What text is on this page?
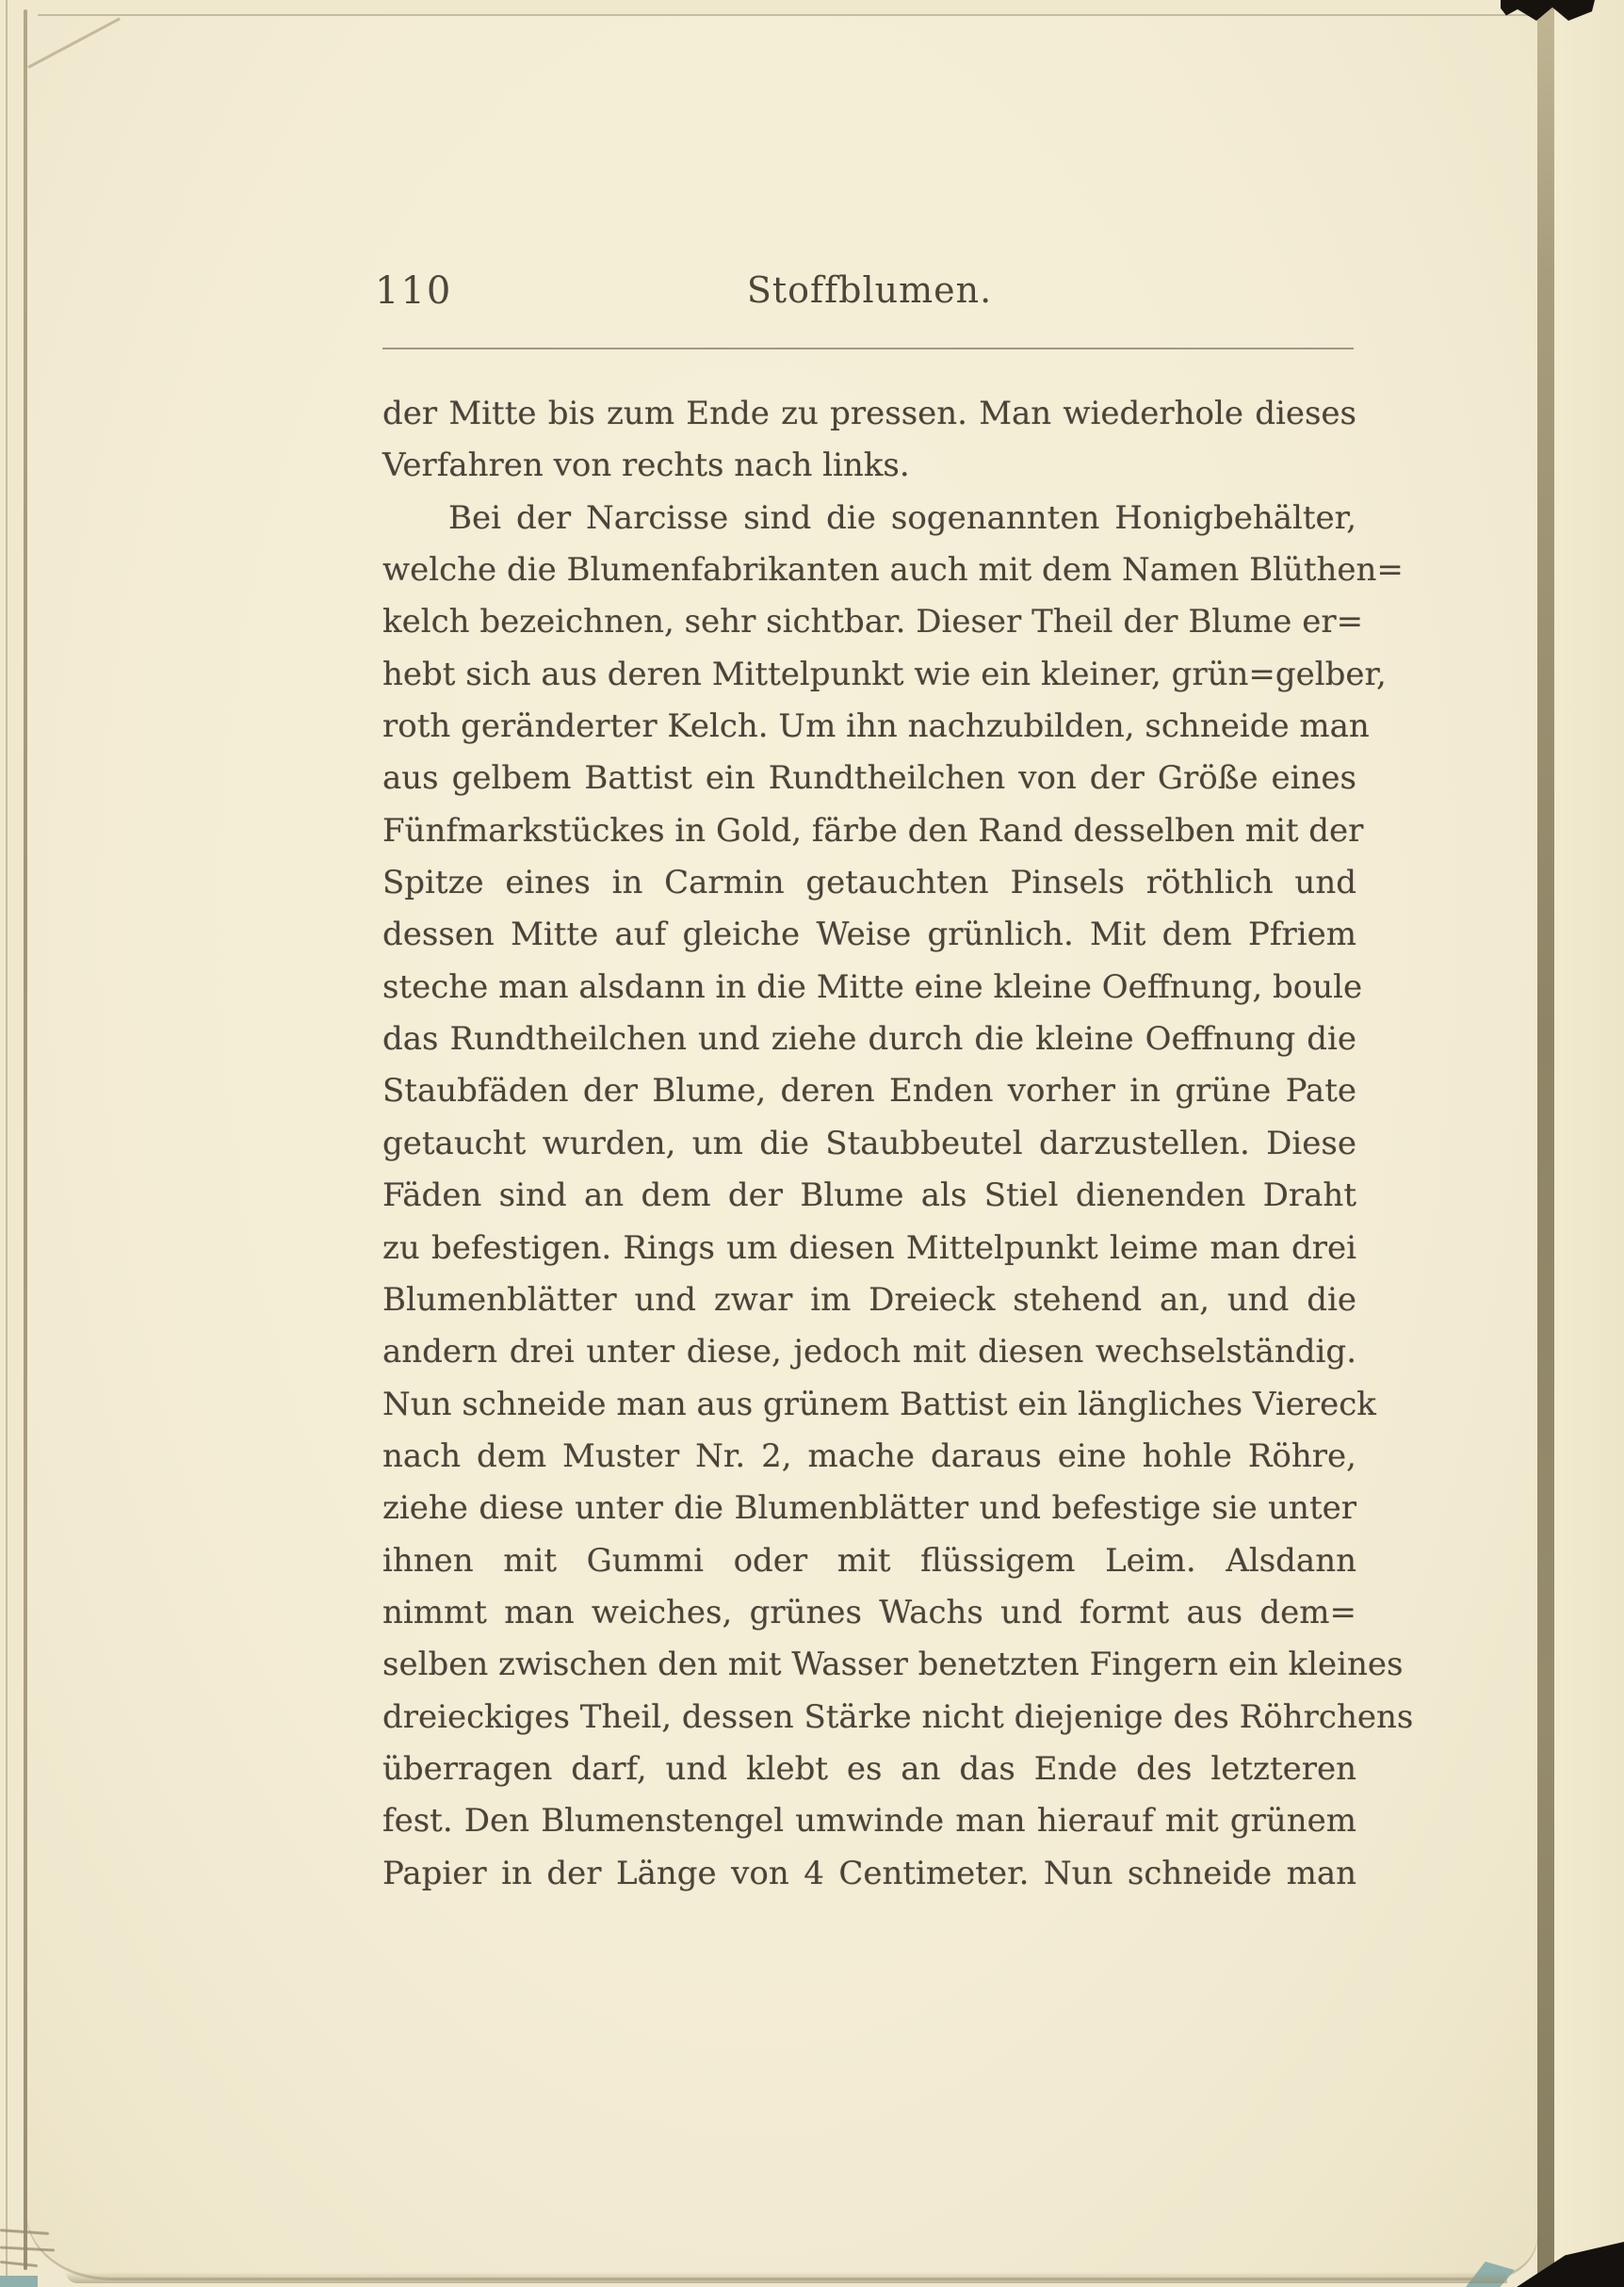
110	Stoffblumen.
der Mitte bis zum Ende zu pressen. Man wiederhole dieses
Verfahren von rechts nach links.
Bei der Narcisse sind die sogenannten Honigbehälter,
welche die Blumenfabrikanten auch mit dem Namen Blüthen=
kelch bezeichnen, sehr sichtbar. Dieser Theil der Blume er=
hebt sich aus deren Mittelpunkt wie ein kleiner, grün=gelber,
roth geränderter Kelch. Um ihn nachzubilden, schneide man
aus gelbem Battist ein Rundtheilchen von der Größe eines
Fünfmarkstückes in Gold, färbe den Rand desselben mit der
Spitze eines in Carmin getauchten Pinsels röthlich und
dessen Mitte auf gleiche Weise grünlich. Mit dem Pfriem
steche man alsdann in die Mitte eine kleine Oeffnung, boule
das Rundtheilchen und ziehe durch die kleine Oeffnung die
Staubfäden der Blume, deren Enden vorher in grüne Pate
getaucht wurden, um die Staubbeutel darzustellen. Diese
Fäden sind an dem der Blume als Stiel dienenden Draht
zu befestigen. Rings um diesen Mittelpunkt leime man drei
Blumenblätter und zwar im Dreieck stehend an, und die
andern drei unter diese, jedoch mit diesen wechselständig.
Nun schneide man aus grünem Battist ein längliches Viereck
nach dem Muster Nr. 2, mache daraus eine hohle Röhre,
ziehe diese unter die Blumenblätter und befestige sie unter
ihnen mit Gummi oder mit flüssigem Leim. Alsdann
nimmt man weiches, grünes Wachs und formt aus dem=
selben zwischen den mit Wasser benetzten Fingern ein kleines
dreieckiges Theil, dessen Stärke nicht diejenige des Röhrchens
überragen darf, und klebt es an das Ende des letzteren
fest. Den Blumenstengel umwinde man hierauf mit grünem
Papier in der Länge von 4 Centimeter. Nun schneide man
